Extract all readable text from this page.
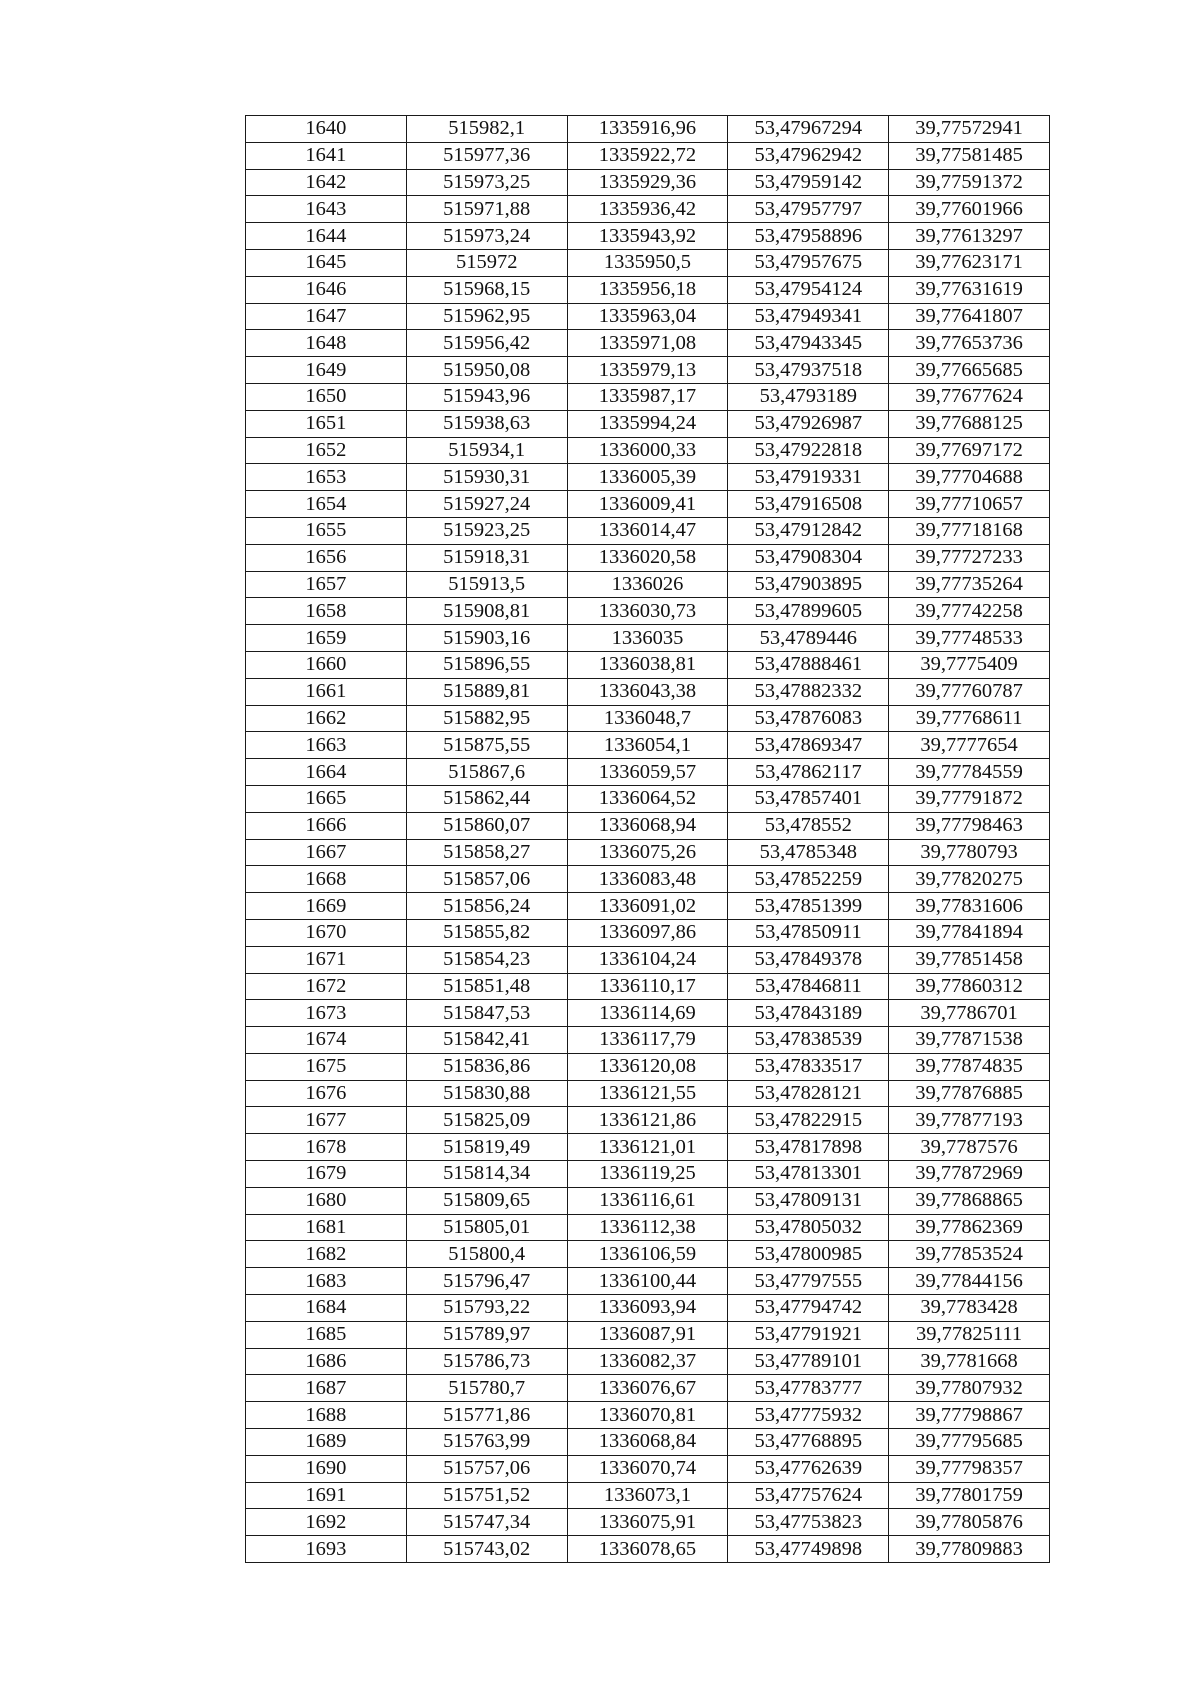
1640	515982,1	1335916,96	53,47967294	39,77572941
1641	515977,36	1335922,72	53,47962942	39,77581485
1642	515973,25	1335929,36	53,47959142	39,77591372
1643	515971,88	1335936,42	53,47957797	39,77601966
1644	515973,24	1335943,92	53,47958896	39,77613297
1645	515972	1335950,5	53,47957675	39,77623171
1646	515968,15	1335956,18	53,47954124	39,77631619
1647	515962,95	1335963,04	53,47949341	39,77641807
1648	515956,42	1335971,08	53,47943345	39,77653736
1649	515950,08	1335979,13	53,47937518	39,77665685
1650	515943,96	1335987,17	53,4793189	39,77677624
1651	515938,63	1335994,24	53,47926987	39,77688125
1652	515934,1	1336000,33	53,47922818	39,77697172
1653	515930,31	1336005,39	53,47919331	39,77704688
1654	515927,24	1336009,41	53,47916508	39,77710657
1655	515923,25	1336014,47	53,47912842	39,77718168
1656	515918,31	1336020,58	53,47908304	39,77727233
1657	515913,5	1336026	53,47903895	39,77735264
1658	515908,81	1336030,73	53,47899605	39,77742258
1659	515903,16	1336035	53,4789446	39,77748533
1660	515896,55	1336038,81	53,47888461	39,7775409
1661	515889,81	1336043,38	53,47882332	39,77760787
1662	515882,95	1336048,7	53,47876083	39,77768611
1663	515875,55	1336054,1	53,47869347	39,7777654
1664	515867,6	1336059,57	53,47862117	39,77784559
1665	515862,44	1336064,52	53,47857401	39,77791872
1666	515860,07	1336068,94	53,478552	39,77798463
1667	515858,27	1336075,26	53,4785348	39,7780793
1668	515857,06	1336083,48	53,47852259	39,77820275
1669	515856,24	1336091,02	53,47851399	39,77831606
1670	515855,82	1336097,86	53,47850911	39,77841894
1671	515854,23	1336104,24	53,47849378	39,77851458
1672	515851,48	1336110,17	53,47846811	39,77860312
1673	515847,53	1336114,69	53,47843189	39,7786701
1674	515842,41	1336117,79	53,47838539	39,77871538
1675	515836,86	1336120,08	53,47833517	39,77874835
1676	515830,88	1336121,55	53,47828121	39,77876885
1677	515825,09	1336121,86	53,47822915	39,77877193
1678	515819,49	1336121,01	53,47817898	39,7787576
1679	515814,34	1336119,25	53,47813301	39,77872969
1680	515809,65	1336116,61	53,47809131	39,77868865
1681	515805,01	1336112,38	53,47805032	39,77862369
1682	515800,4	1336106,59	53,47800985	39,77853524
1683	515796,47	1336100,44	53,47797555	39,77844156
1684	515793,22	1336093,94	53,47794742	39,7783428
1685	515789,97	1336087,91	53,47791921	39,77825111
1686	515786,73	1336082,37	53,47789101	39,7781668
1687	515780,7	1336076,67	53,47783777	39,77807932
1688	515771,86	1336070,81	53,47775932	39,77798867
1689	515763,99	1336068,84	53,47768895	39,77795685
1690	515757,06	1336070,74	53,47762639	39,77798357
1691	515751,52	1336073,1	53,47757624	39,77801759
1692	515747,34	1336075,91	53,47753823	39,77805876
1693	515743,02	1336078,65	53,47749898	39,77809883
